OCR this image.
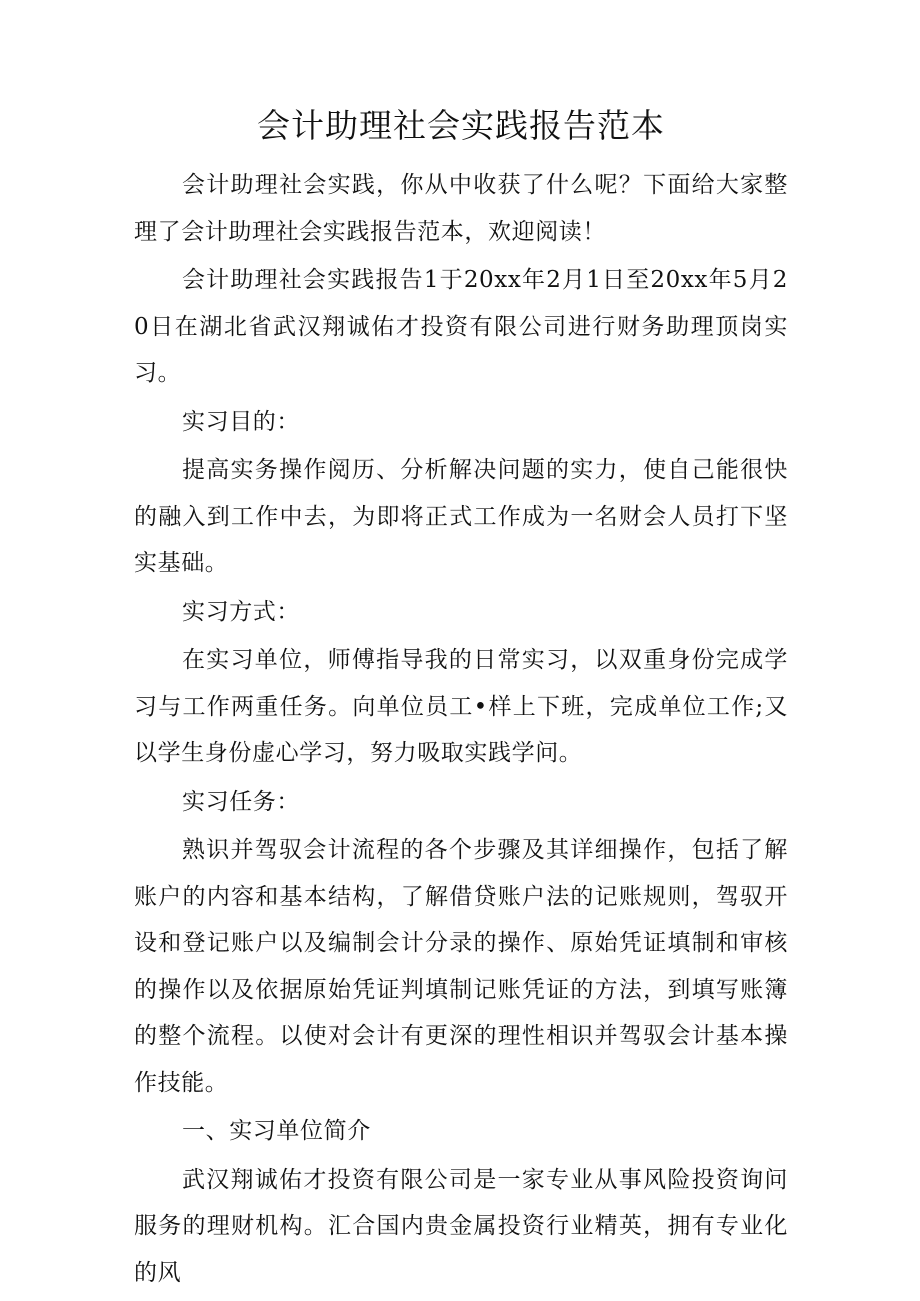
会计助理社会实践报告范本

会计助理社会实践，你从中收获了什么呢？下面给大家整理了会计助理社会实践报告范本，欢迎阅读！

会计助理社会实践报告1于20xx年2月1日至20xx年5月20日在湖北省武汉翔诚佑才投资有限公司进行财务助理顶岗实习。

实习目的：

提高实务操作阅历、分析解决问题的实力，使自己能很快的融入到工作中去，为即将正式工作成为一名财会人员打下坚实基础。

实习方式：

在实习单位，师傅指导我的日常实习，以双重身份完成学习与工作两重任务。向单位员工•样上下班，完成单位工作;又以学生身份虚心学习，努力吸取实践学问。

实习任务：

熟识并驾驭会计流程的各个步骤及其详细操作，包括了解账户的内容和基本结构，了解借贷账户法的记账规则，驾驭开设和登记账户以及编制会计分录的操作、原始凭证填制和审核的操作以及依据原始凭证判填制记账凭证的方法，到填写账簿的整个流程。以使对会计有更深的理性相识并驾驭会计基本操作技能。

一、实习单位简介

武汉翔诚佑才投资有限公司是一家专业从事风险投资询问服务的理财机构。汇合国内贵金属投资行业精英，拥有专业化的风
